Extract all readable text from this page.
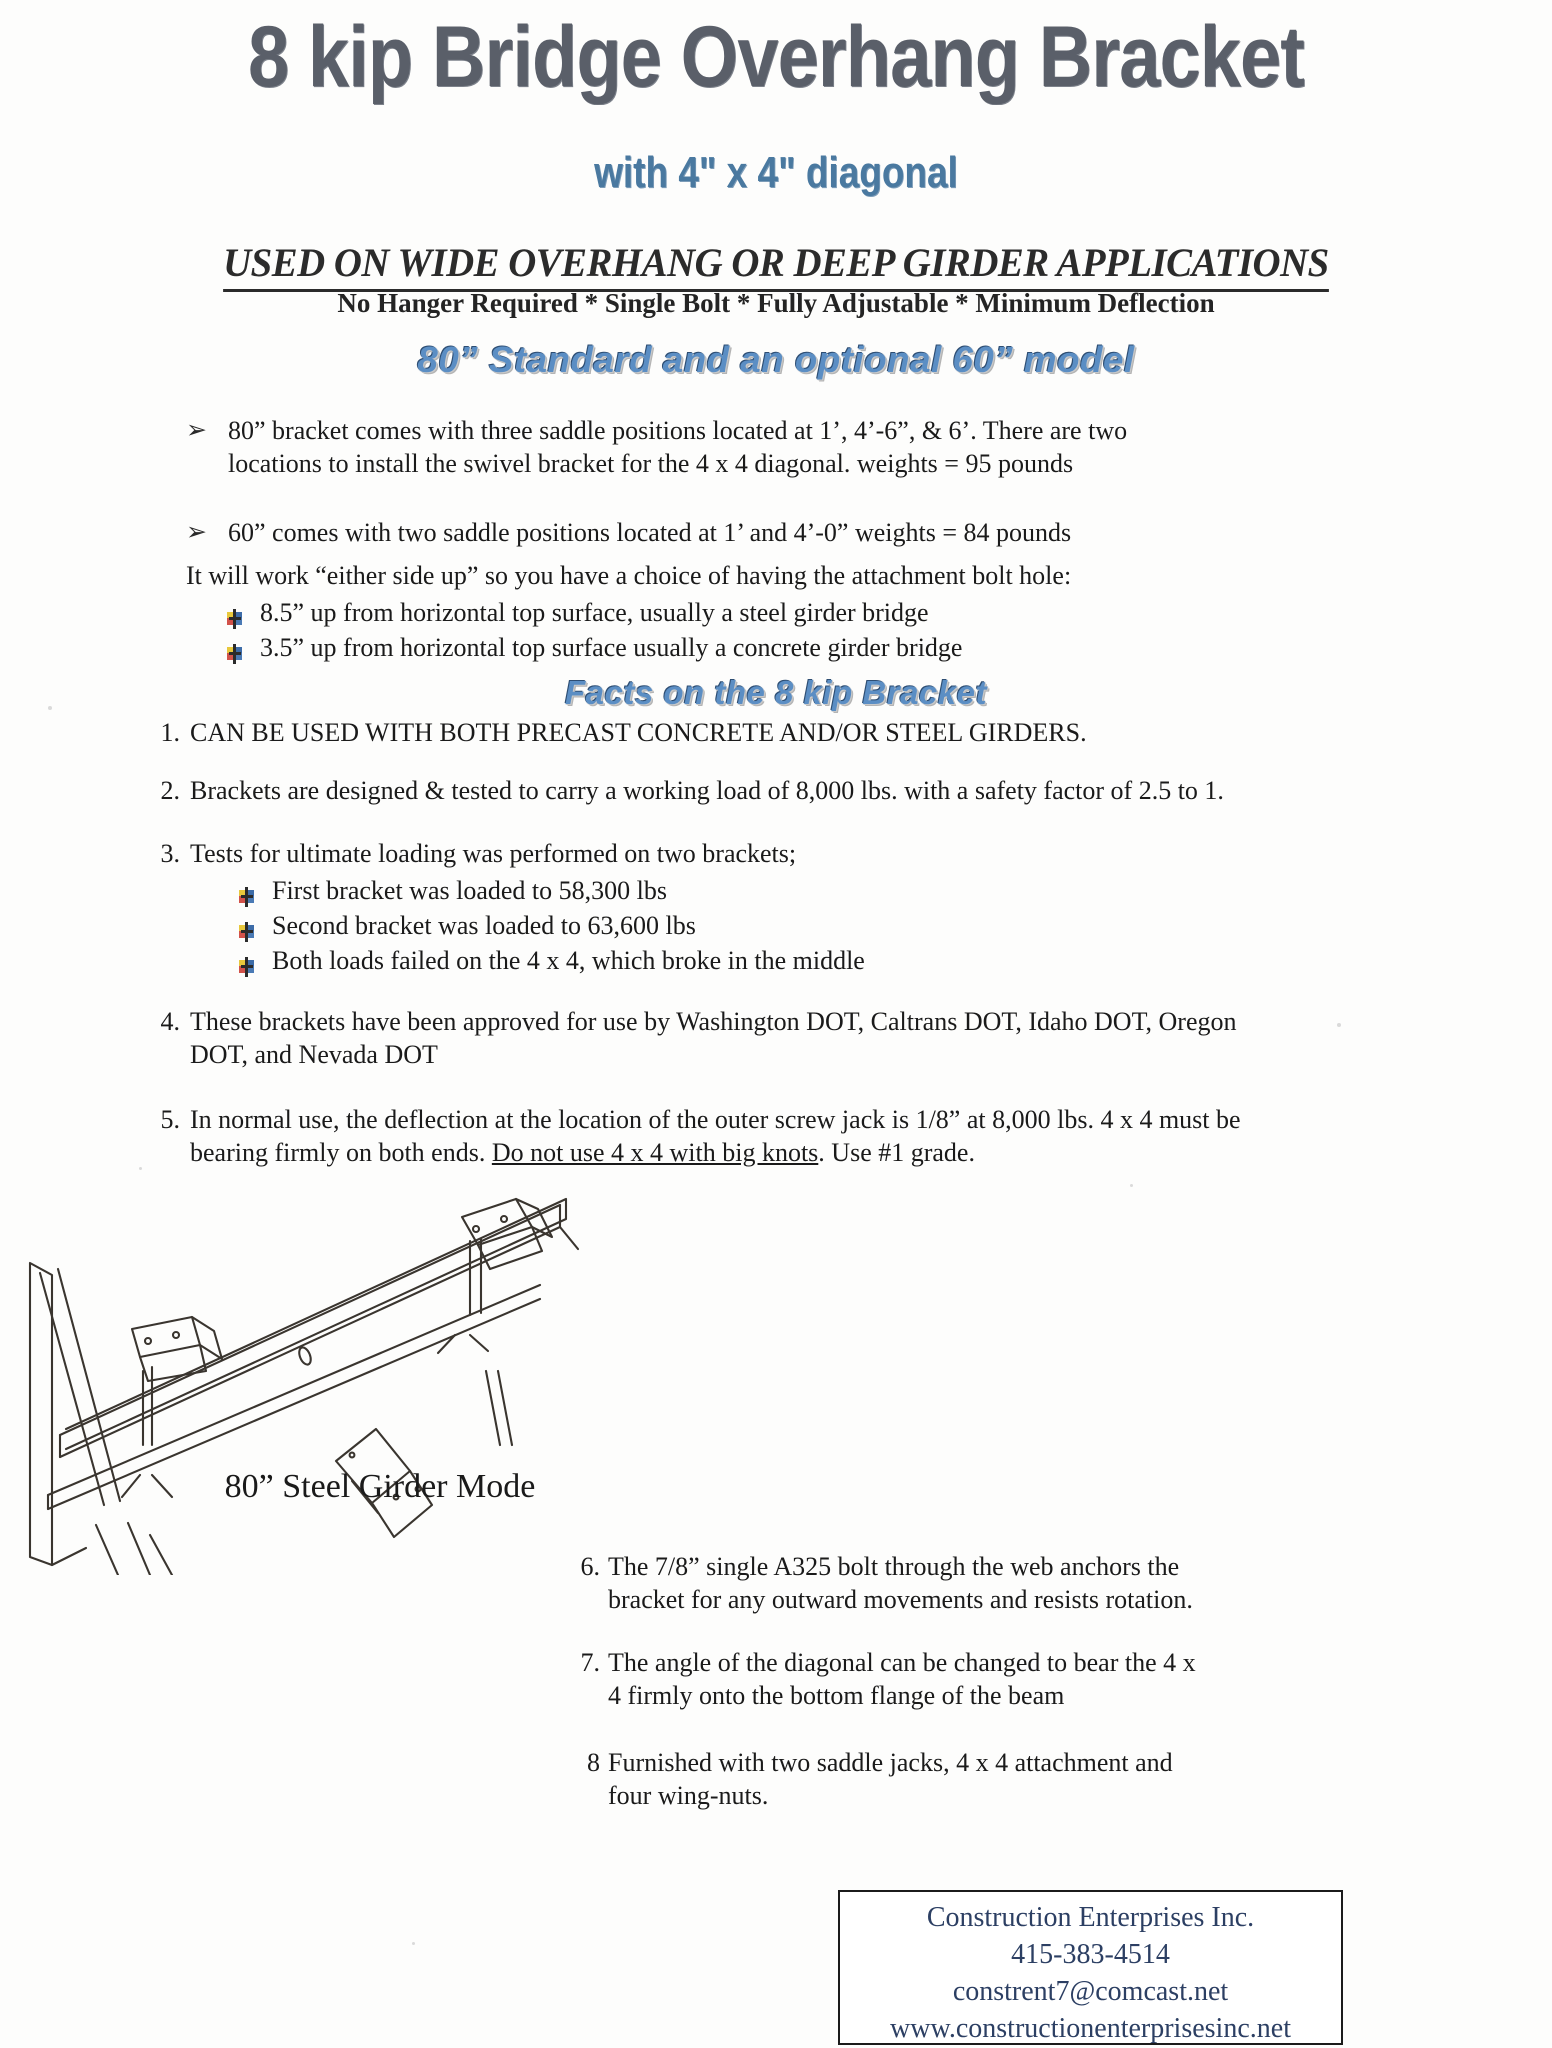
8 kip Bridge Overhang Bracket
with 4" x 4" diagonal
USED ON WIDE OVERHANG OR DEEP GIRDER APPLICATIONS
No Hanger Required * Single Bolt * Fully Adjustable * Minimum Deflection
80” Standard and an optional 60” model
➢ 80” bracket comes with three saddle positions located at 1’, 4’-6”, & 6’. There are two locations to install the swivel bracket for the 4 x 4 diagonal. weights = 95 pounds
➢ 60” comes with two saddle positions located at 1’ and 4’-0” weights = 84 pounds
It will work “either side up” so you have a choice of having the attachment bolt hole:
8.5” up from horizontal top surface, usually a steel girder bridge
3.5” up from horizontal top surface usually a concrete girder bridge
Facts on the 8 kip Bracket
1. CAN BE USED WITH BOTH PRECAST CONCRETE AND/OR STEEL GIRDERS.
2. Brackets are designed & tested to carry a working load of 8,000 lbs. with a safety factor of 2.5 to 1.
3. Tests for ultimate loading was performed on two brackets;
First bracket was loaded to 58,300 lbs
Second bracket was loaded to 63,600 lbs
Both loads failed on the 4 x 4, which broke in the middle
4. These brackets have been approved for use by Washington DOT, Caltrans DOT, Idaho DOT, Oregon DOT, and Nevada DOT
5. In normal use, the deflection at the location of the outer screw jack is 1/8” at 8,000 lbs. 4 x 4 must be bearing firmly on both ends. Do not use 4 x 4 with big knots. Use #1 grade.
6. The 7/8” single A325 bolt through the web anchors the bracket for any outward movements and resists rotation.
7. The angle of the diagonal can be changed to bear the 4 x 4 firmly onto the bottom flange of the beam
8 Furnished with two saddle jacks, 4 x 4 attachment and four wing-nuts.
80” Steel Girder Mode
Construction Enterprises Inc.
415-383-4514
constrent7@comcast.net
www.constructionenterprisesinc.net
